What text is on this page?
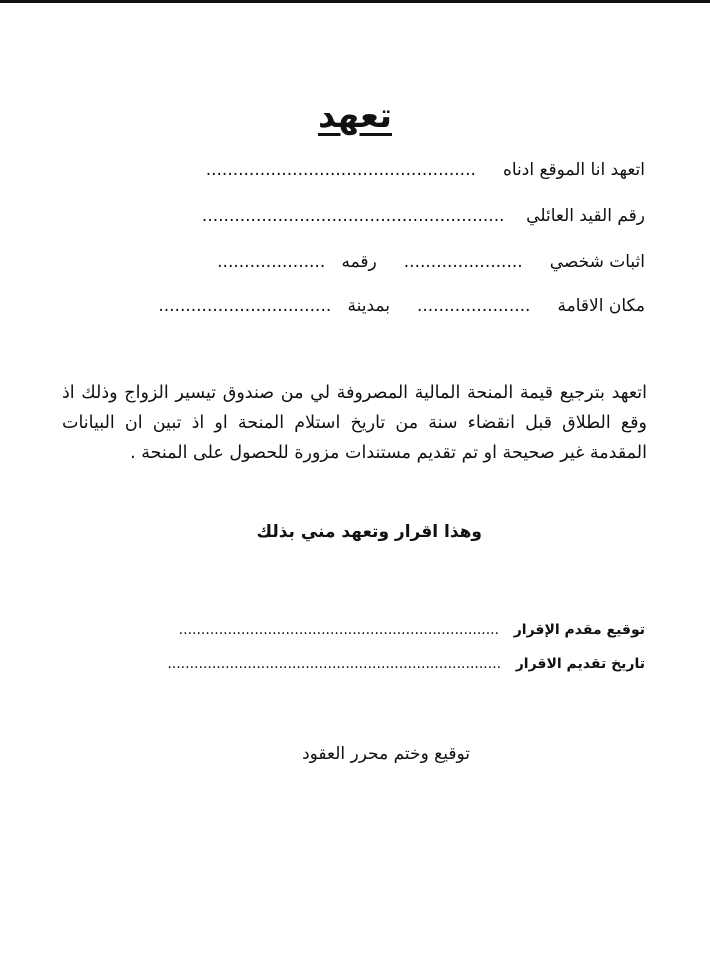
تعهد
اتعهد انا الموقع ادناه     ..................................................
رقم القيد العائلي    ........................................................
اثبات شخصي     ......................     رقمه   ....................
مكان الاقامة     .....................     بمدينة   ................................
اتعهد بترجيع قيمة المنحة المالية المصروفة لي من صندوق تيسير الزواج وذلك اذ وقع الطلاق قبل انقضاء سنة من تاريخ استلام المنحة او اذ تبين ان البيانات المقدمة غير صحيحة او تم تقديم مستندات مزورة للحصول على المنحة .
وهذا اقرار وتعهد مني بذلك
توقيع مقدم الإقرار   ........................................................................
تاريخ تقديم الاقرار   ...........................................................................
توقيع وختم محرر العقود
